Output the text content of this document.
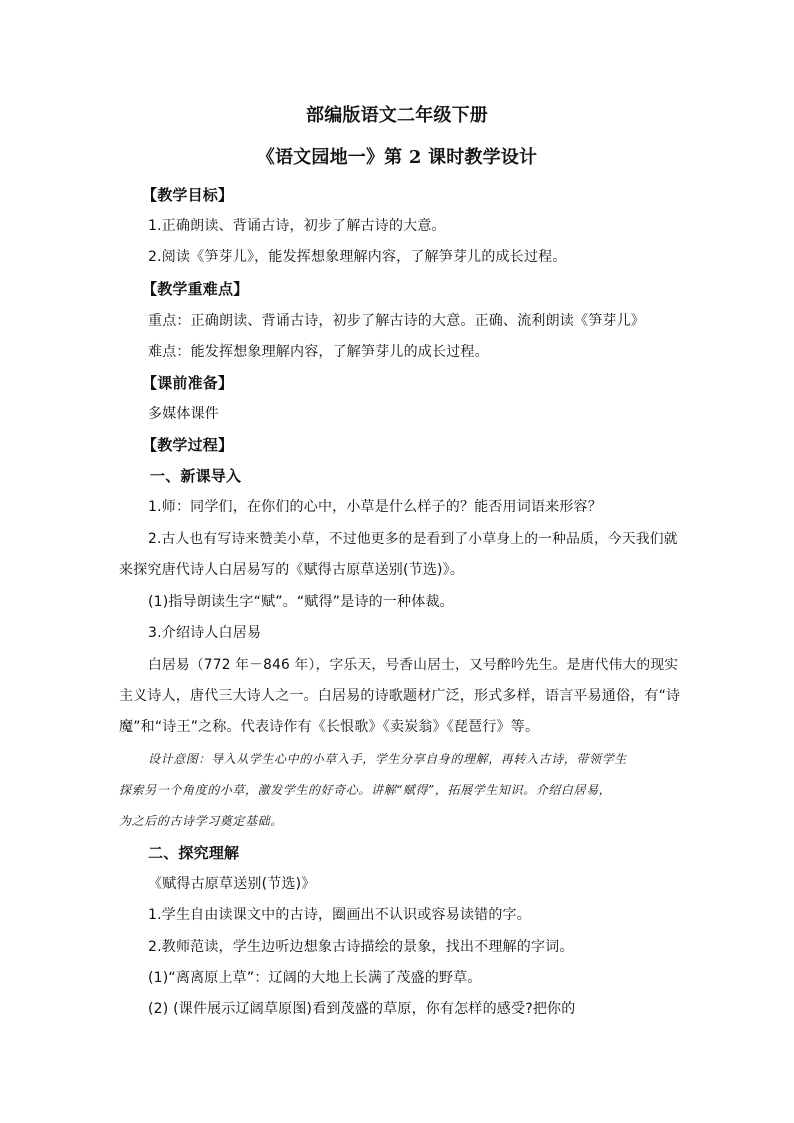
部编版语文二年级下册
《语文园地一》第 2 课时教学设计
【教学目标】
1.正确朗读、背诵古诗，初步了解古诗的大意。
2.阅读《笋芽儿》，能发挥想象理解内容，了解笋芽儿的成长过程。
【教学重难点】
重点：正确朗读、背诵古诗，初步了解古诗的大意。正确、流利朗读《笋芽儿》
难点：能发挥想象理解内容，了解笋芽儿的成长过程。
【课前准备】
多媒体课件
【教学过程】
一、新课导入
1.师：同学们，在你们的心中，小草是什么样子的？能否用词语来形容？
2.古人也有写诗来赞美小草，不过他更多的是看到了小草身上的一种品质，今天我们就
来探究唐代诗人白居易写的《赋得古原草送别(节选)》。
(1)指导朗读生字“赋”。“赋得”是诗的一种体裁。
3.介绍诗人白居易
白居易（772 年－846 年），字乐天，号香山居士，又号醉吟先生。是唐代伟大的现实
主义诗人，唐代三大诗人之一。白居易的诗歌题材广泛，形式多样，语言平易通俗，有“诗
魔”和“诗王”之称。代表诗作有《长恨歌》《卖炭翁》《琵琶行》等。
设计意图：导入从学生心中的小草入手，学生分享自身的理解，再转入古诗，带领学生
探索另一个角度的小草，激发学生的好奇心。讲解“赋得”，拓展学生知识。介绍白居易，
为之后的古诗学习奠定基础。
二、探究理解
《赋得古原草送别(节选)》
1.学生自由读课文中的古诗，圈画出不认识或容易读错的字。
2.教师范读，学生边听边想象古诗描绘的景象，找出不理解的字词。
(1)“离离原上草”：辽阔的大地上长满了茂盛的野草。
(2) (课件展示辽阔草原图)看到茂盛的草原，你有怎样的感受?把你的
